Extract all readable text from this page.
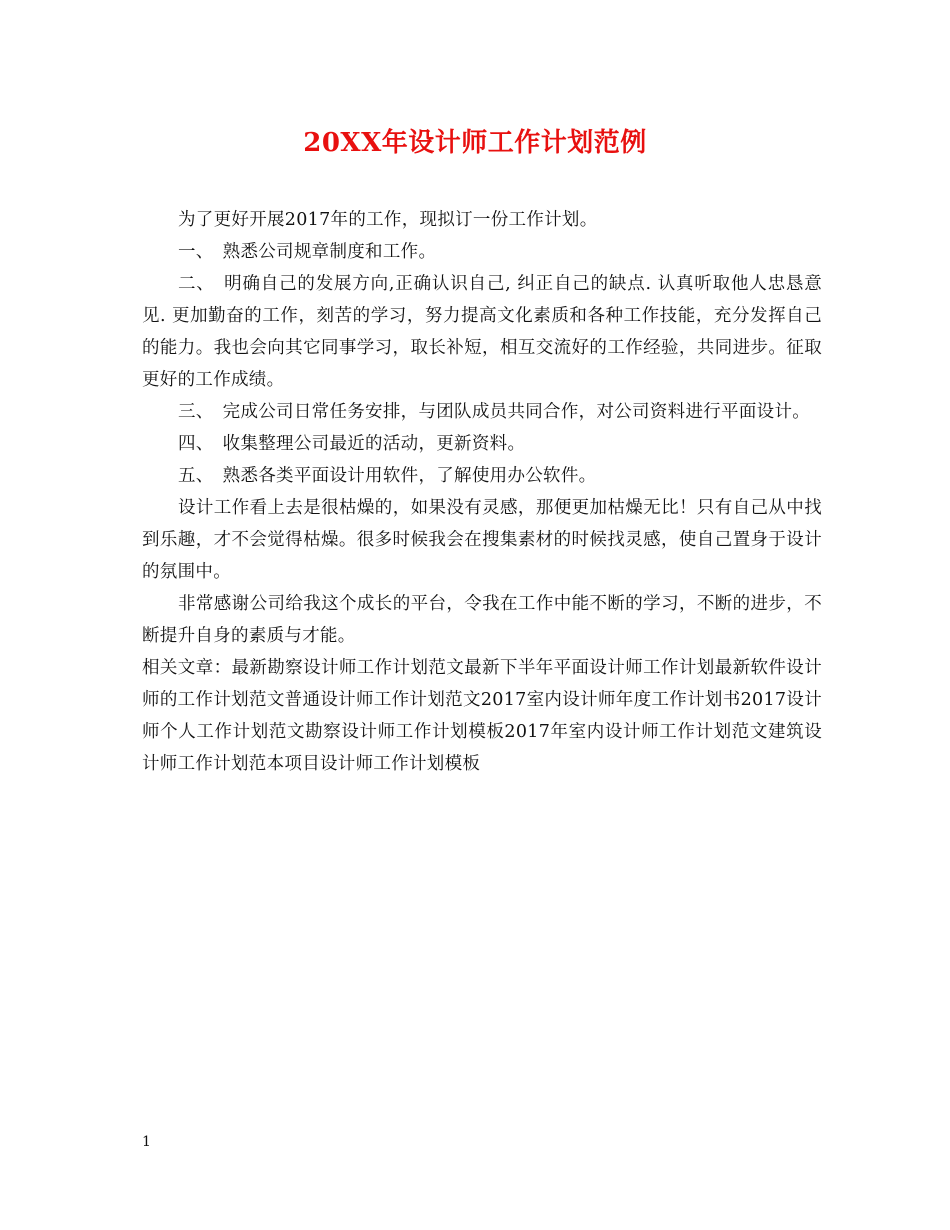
20XX年设计师工作计划范例

为了更好开展2017年的工作，现拟订一份工作计划。

一、　熟悉公司规章制度和工作。

二、　明确自己的发展方向,正确认识自己, 纠正自己的缺点. 认真听取他人忠恳意见. 更加勤奋的工作，刻苦的学习，努力提高文化素质和各种工作技能，充分发挥自己的能力。我也会向其它同事学习，取长补短，相互交流好的工作经验，共同进步。征取更好的工作成绩。

三、　完成公司日常任务安排，与团队成员共同合作，对公司资料进行平面设计。

四、　收集整理公司最近的活动，更新资料。

五、　熟悉各类平面设计用软件，了解使用办公软件。

设计工作看上去是很枯燥的，如果没有灵感，那便更加枯燥无比！只有自己从中找到乐趣，才不会觉得枯燥。很多时候我会在搜集素材的时候找灵感，使自己置身于设计的氛围中。

非常感谢公司给我这个成长的平台，令我在工作中能不断的学习，不断的进步，不断提升自身的素质与才能。

相关文章：最新勘察设计师工作计划范文最新下半年平面设计师工作计划最新软件设计师的工作计划范文普通设计师工作计划范文2017室内设计师年度工作计划书2017设计师个人工作计划范文勘察设计师工作计划模板2017年室内设计师工作计划范文建筑设计师工作计划范本项目设计师工作计划模板

1
